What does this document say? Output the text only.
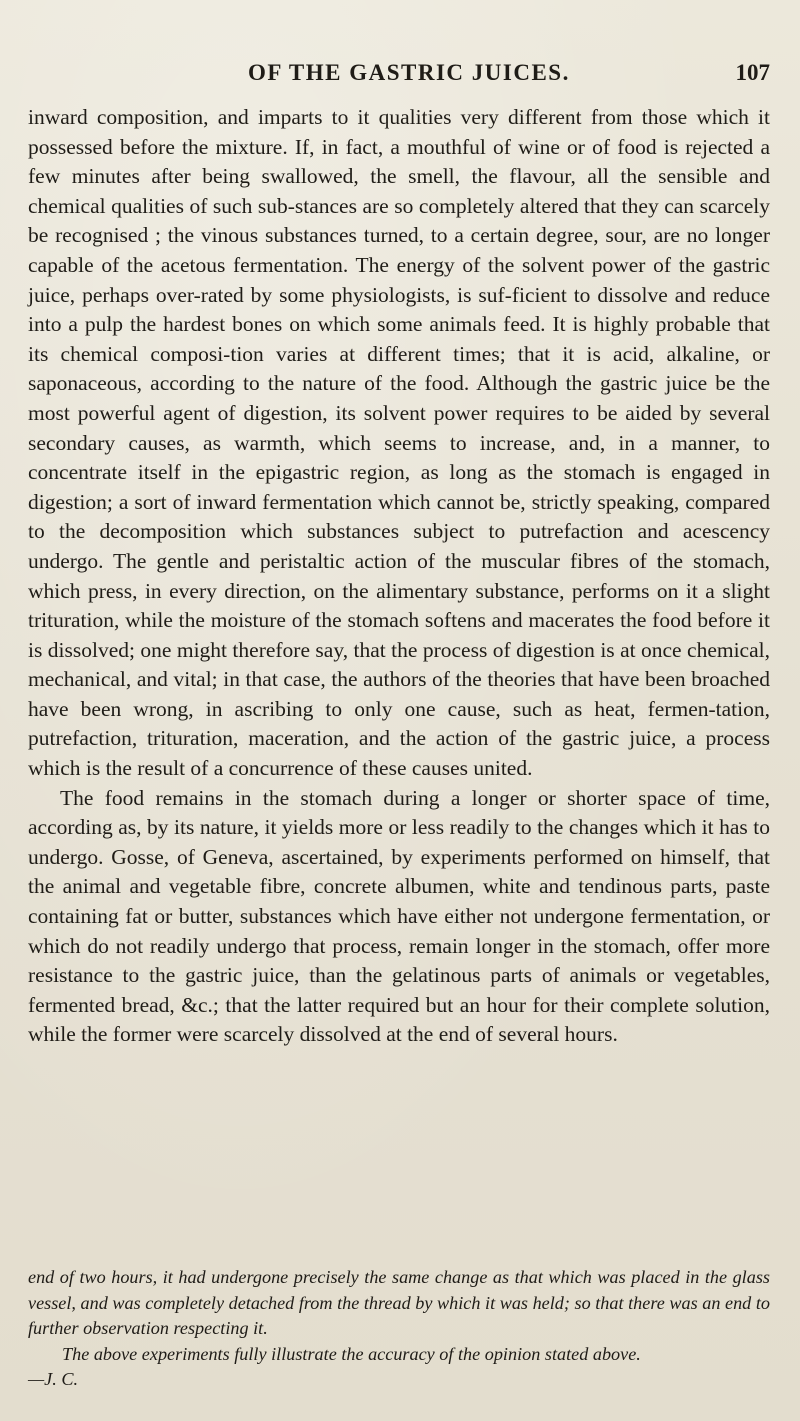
OF THE GASTRIC JUICES.	107

inward composition, and imparts to it qualities very different from those which it possessed before the mixture. If, in fact, a mouthful of wine or of food is rejected a few minutes after being swallowed, the smell, the flavour, all the sensible and chemical qualities of such sub-stances are so completely altered that they can scarcely be recognised ; the vinous substances turned, to a certain degree, sour, are no longer capable of the acetous fermentation. The energy of the solvent power of the gastric juice, perhaps over-rated by some physiologists, is suf-ficient to dissolve and reduce into a pulp the hardest bones on which some animals feed. It is highly probable that its chemical composi-tion varies at different times; that it is acid, alkaline, or saponaceous, according to the nature of the food. Although the gastric juice be the most powerful agent of digestion, its solvent power requires to be aided by several secondary causes, as warmth, which seems to increase, and, in a manner, to concentrate itself in the epigastric region, as long as the stomach is engaged in digestion; a sort of inward fermentation which cannot be, strictly speaking, compared to the decomposition which substances subject to putrefaction and acescency undergo. The gentle and peristaltic action of the muscular fibres of the stomach, which press, in every direction, on the alimentary substance, performs on it a slight trituration, while the moisture of the stomach softens and macerates the food before it is dissolved; one might therefore say, that the process of digestion is at once chemical, mechanical, and vital; in that case, the authors of the theories that have been broached have been wrong, in ascribing to only one cause, such as heat, fermen-tation, putrefaction, trituration, maceration, and the action of the gastric juice, a process which is the result of a concurrence of these causes united.

The food remains in the stomach during a longer or shorter space of time, according as, by its nature, it yields more or less readily to the changes which it has to undergo. Gosse, of Geneva, ascertained, by experiments performed on himself, that the animal and vegetable fibre, concrete albumen, white and tendinous parts, paste containing fat or butter, substances which have either not undergone fermentation, or which do not readily undergo that process, remain longer in the stomach, offer more resistance to the gastric juice, than the gelatinous parts of animals or vegetables, fermented bread, &c.; that the latter required but an hour for their complete solution, while the former were scarcely dissolved at the end of several hours.

end of two hours, it had undergone precisely the same change as that which was placed in the glass vessel, and was completely detached from the thread by which it was held; so that there was an end to further observation respecting it.

The above experiments fully illustrate the accuracy of the opinion stated above.

—J. C.
